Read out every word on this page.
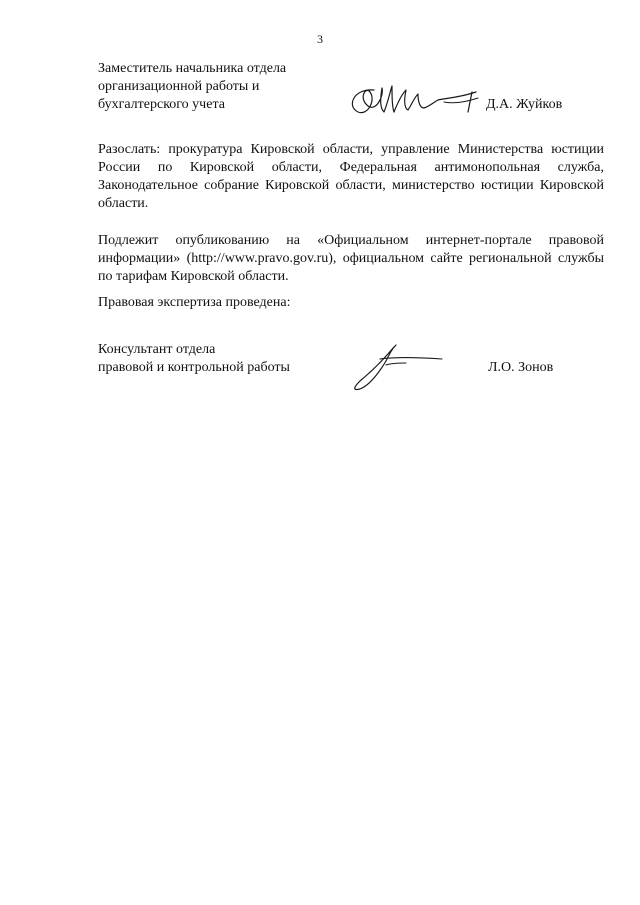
3
Заместитель начальника отдела
организационной работы и
бухгалтерского учета	Д.А. Жуйков
Разослать: прокуратура Кировской области, управление Министерства юстиции России по Кировской области, Федеральная антимонопольная служба, Законодательное собрание Кировской области, министерство юстиции Кировской области.
Подлежит опубликованию на «Официальном интернет-портале правовой информации» (http://www.pravo.gov.ru), официальном сайте региональной службы по тарифам Кировской области.
Правовая экспертиза проведена:
Консультант отдела
правовой и контрольной работы	Л.О. Зонов
